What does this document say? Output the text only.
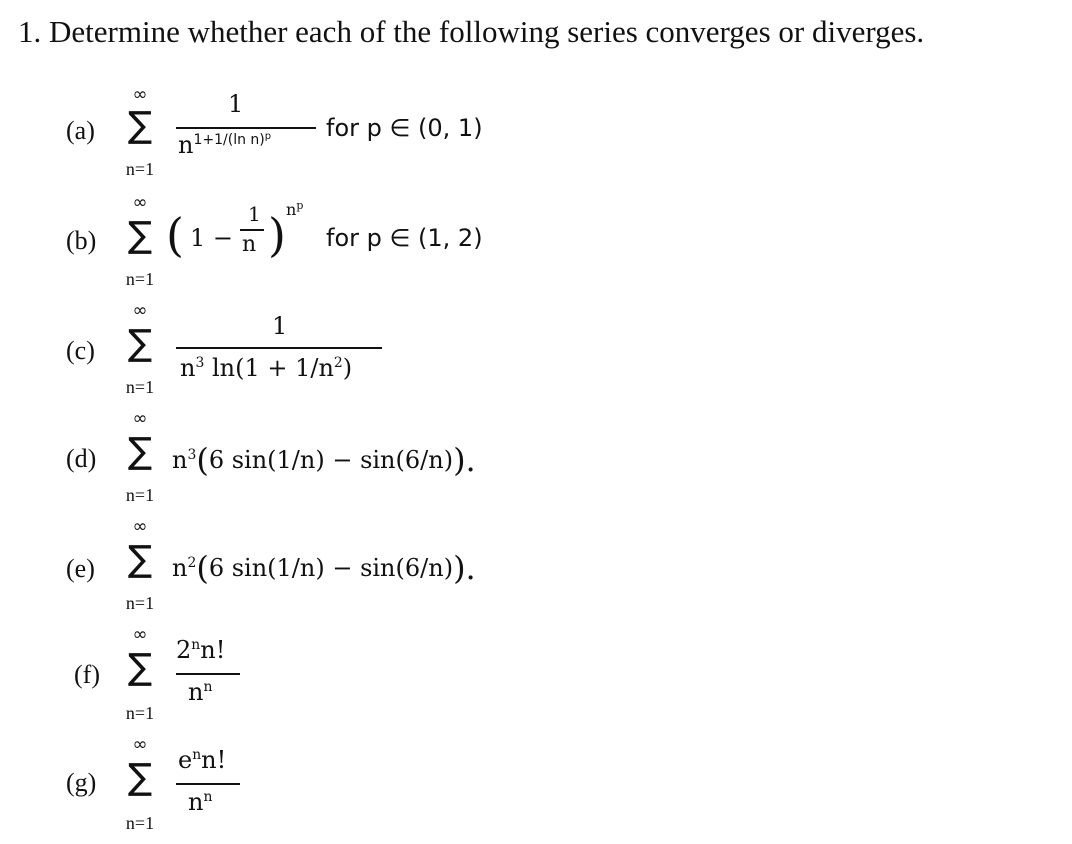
1. Determine whether each of the following series converges or diverges.
(a)
∞
∑
n=1
1
$n^{1+1/(ln n)^p}$ for p ∈ (0, 1)
(b)
∞
∑
n=1
( 1 −
1
n ) $n^p$
for p ∈ (1, 2)
(c)
∞
∑
n=1
1
$n^3$ $\ln(1 + 1/n^2)$
(d)
∞
∑
n=1
$n^3(6$ sin(1/n) − sin(6/n)).
(e)
∞
∑
n=1
$n^2(6$ sin(1/n) − sin(6/n)).
(f)
∞
∑
n=1
2$^n$n!
$n^n$
(g)
∞
∑
n=1
$e^nn$!
$n^n$
